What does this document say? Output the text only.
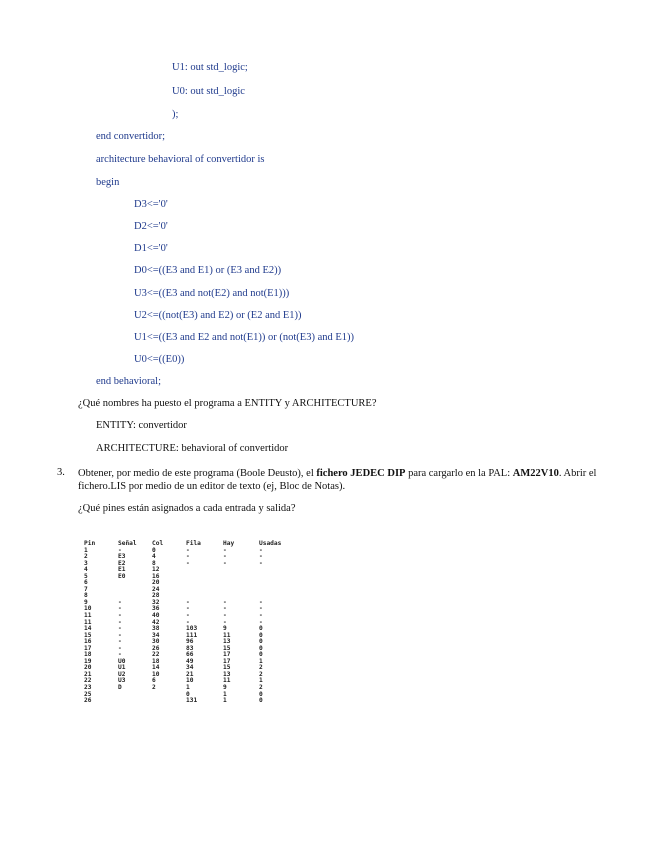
U1: out std_logic;
U0: out std_logic
);
end convertidor;
architecture behavioral of convertidor is
begin
D3<='0'
D2<='0'
D1<='0'
D0<=((E3 and E1) or (E3 and E2))
U3<=((E3 and not(E2) and not(E1)))
U2<=((not(E3) and E2) or (E2 and E1))
U1<=((E3 and E2 and not(E1)) or (not(E3) and E1))
U0<=((E0))
end behavioral;
¿Qué nombres ha puesto el programa a ENTITY y ARCHITECTURE?
ENTITY: convertidor
ARCHITECTURE: behavioral of convertidor
3. Obtener, por medio de este programa (Boole Deusto), el fichero JEDEC DIP para cargarlo en la PAL: AM22V10. Abrir el fichero.LIS por medio de un editor de texto (ej, Bloc de Notas).
¿Qué pines están asignados a cada entrada y salida?
Pin	Señal	Col	Fila	Hay	Usadas
1	-	0	-	-	-
2	E3	4	-	-	-
3	E2	8	-	-	-
4	E1	12			
5	E0	16			
6		20			
7		24			
8		28			
9	-	32	-	-	-
10	-	36	-	-	-
11	-	40	-	-	-
11	-	42	-	-	-
14	-	38	103	9	0
15	-	34	111	11	0
16	-	30	96	13	0
17	-	26	83	15	0
18	-	22	66	17	0
19	U0	18	49	17	1
20	U1	14	34	15	2
21	U2	10	21	13	2
22	U3	6	10	11	1
23	D	2	1	9	2
25			0	1	0
26			131	1	0
